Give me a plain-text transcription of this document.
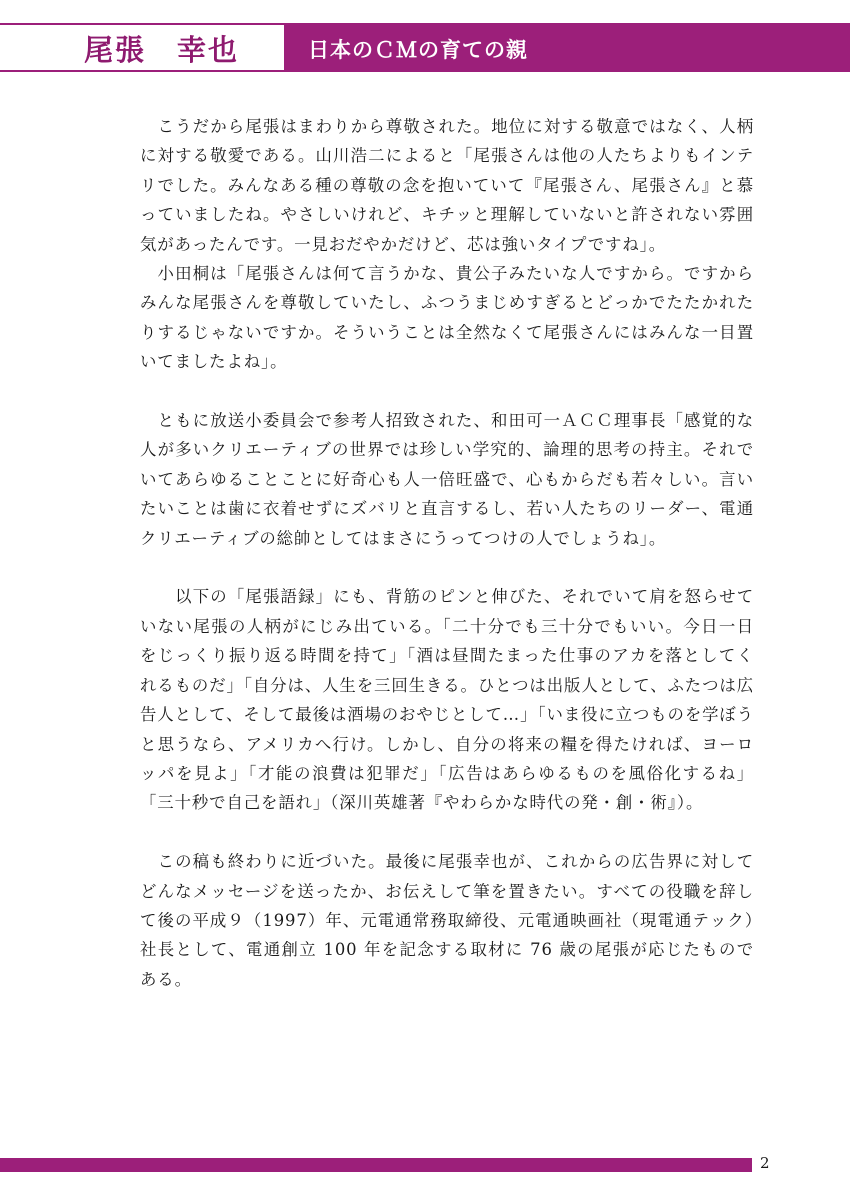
尾張　幸也	日本のＣＭの育ての親

　こうだから尾張はまわりから尊敬された。地位に対する敬意ではなく、人柄に対する敬愛である。山川浩二によると「尾張さんは他の人たちよりもインテリでした。みんなある種の尊敬の念を抱いていて『尾張さん、尾張さん』と慕っていましたね。やさしいけれど、キチッと理解していないと許されない雰囲気があったんです。一見おだやかだけど、芯は強いタイプですね」。

　小田桐は「尾張さんは何て言うかな、貴公子みたいな人ですから。ですからみんな尾張さんを尊敬していたし、ふつうまじめすぎるとどっかでたたかれたりするじゃないですか。そういうことは全然なくて尾張さんにはみんな一目置いてましたよね」。

　ともに放送小委員会で参考人招致された、和田可一ＡＣＣ理事長「感覚的な人が多いクリエーティブの世界では珍しい学究的、論理的思考の持主。それでいてあらゆることことに好奇心も人一倍旺盛で、心もからだも若々しい。言いたいことは歯に衣着せずにズバリと直言するし、若い人たちのリーダー、電通クリエーティブの総帥としてはまさにうってつけの人でしょうね」。

　　以下の「尾張語録」にも、背筋のピンと伸びた、それでいて肩を怒らせていない尾張の人柄がにじみ出ている。「二十分でも三十分でもいい。今日一日をじっくり振り返る時間を持て」「酒は昼間たまった仕事のアカを落としてくれるものだ」「自分は、人生を三回生きる。ひとつは出版人として、ふたつは広告人として、そして最後は酒場のおやじとして…」「いま役に立つものを学ぼうと思うなら、アメリカへ行け。しかし、自分の将来の糧を得たければ、ヨーロッパを見よ」「才能の浪費は犯罪だ」「広告はあらゆるものを風俗化するね」「三十秒で自己を語れ」（深川英雄著『やわらかな時代の発・創・術』）。

　この稿も終わりに近づいた。最後に尾張幸也が、これからの広告界に対してどんなメッセージを送ったか、お伝えして筆を置きたい。すべての役職を辞して後の平成９（1997）年、元電通常務取締役、元電通映画社（現電通テック）社長として、電通創立 100 年を記念する取材に 76 歳の尾張が応じたものである。

2
